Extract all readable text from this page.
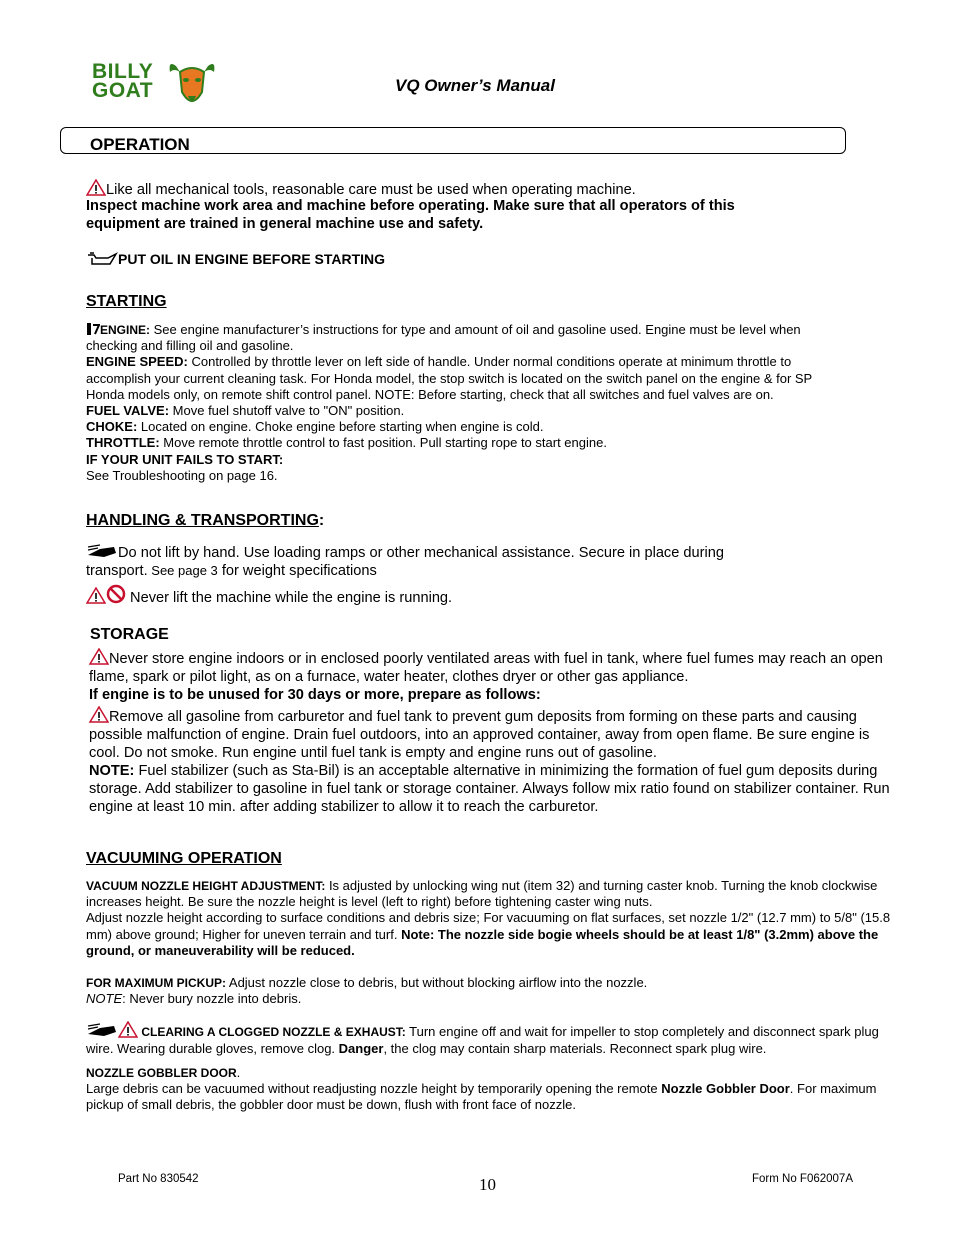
BILLY
GOAT	VQ Owner’s Manual
OPERATION
Like all mechanical tools, reasonable care must be used when operating machine.
Inspect machine work area and machine before operating. Make sure that all operators of this equipment are trained in general machine use and safety.
PUT OIL IN ENGINE BEFORE STARTING
STARTING
ENGINE: See engine manufacturer’s instructions for type and amount of oil and gasoline used. Engine must be level when checking and filling oil and gasoline.
ENGINE SPEED: Controlled by throttle lever on left side of handle. Under normal conditions operate at minimum throttle to accomplish your current cleaning task. For Honda model, the stop switch is located on the switch panel on the engine & for SP Honda models only, on remote shift control panel. NOTE: Before starting, check that all switches and fuel valves are on.
FUEL VALVE: Move fuel shutoff valve to "ON" position.
CHOKE: Located on engine. Choke engine before starting when engine is cold.
THROTTLE: Move remote throttle control to fast position. Pull starting rope to start engine.
IF YOUR UNIT FAILS TO START:
See Troubleshooting on page 16.
HANDLING & TRANSPORTING:
Do not lift by hand. Use loading ramps or other mechanical assistance. Secure in place during
transport. See page 3 for weight specifications
Never lift the machine while the engine is running.
STORAGE
Never store engine indoors or in enclosed poorly ventilated areas with fuel in tank, where fuel fumes may reach an open flame, spark or pilot light, as on a furnace, water heater, clothes dryer or other gas appliance.
If engine is to be unused for 30 days or more, prepare as follows:
Remove all gasoline from carburetor and fuel tank to prevent gum deposits from forming on these parts and causing possible malfunction of engine. Drain fuel outdoors, into an approved container, away from open flame. Be sure engine is cool. Do not smoke. Run engine until fuel tank is empty and engine runs out of gasoline.
NOTE: Fuel stabilizer (such as Sta-Bil) is an acceptable alternative in minimizing the formation of fuel gum deposits during storage. Add stabilizer to gasoline in fuel tank or storage container. Always follow mix ratio found on stabilizer container. Run engine at least 10 min. after adding stabilizer to allow it to reach the carburetor.
VACUUMING OPERATION
VACUUM NOZZLE HEIGHT ADJUSTMENT: Is adjusted by unlocking wing nut (item 32) and turning caster knob. Turning the knob clockwise increases height. Be sure the nozzle height is level (left to right) before tightening caster wing nuts.
Adjust nozzle height according to surface conditions and debris size; For vacuuming on flat surfaces, set nozzle 1/2" (12.7 mm) to 5/8" (15.8 mm) above ground; Higher for uneven terrain and turf. Note: The nozzle side bogie wheels should be at least 1/8" (3.2mm) above the ground, or maneuverability will be reduced.
FOR MAXIMUM PICKUP: Adjust nozzle close to debris, but without blocking airflow into the nozzle.
NOTE: Never bury nozzle into debris.
CLEARING A CLOGGED NOZZLE & EXHAUST: Turn engine off and wait for impeller to stop completely and disconnect spark plug wire. Wearing durable gloves, remove clog. Danger, the clog may contain sharp materials. Reconnect spark plug wire.
NOZZLE GOBBLER DOOR.
Large debris can be vacuumed without readjusting nozzle height by temporarily opening the remote Nozzle Gobbler Door. For maximum pickup of small debris, the gobbler door must be down, flush with front face of nozzle.
Part No 830542	10	Form No F062007A
